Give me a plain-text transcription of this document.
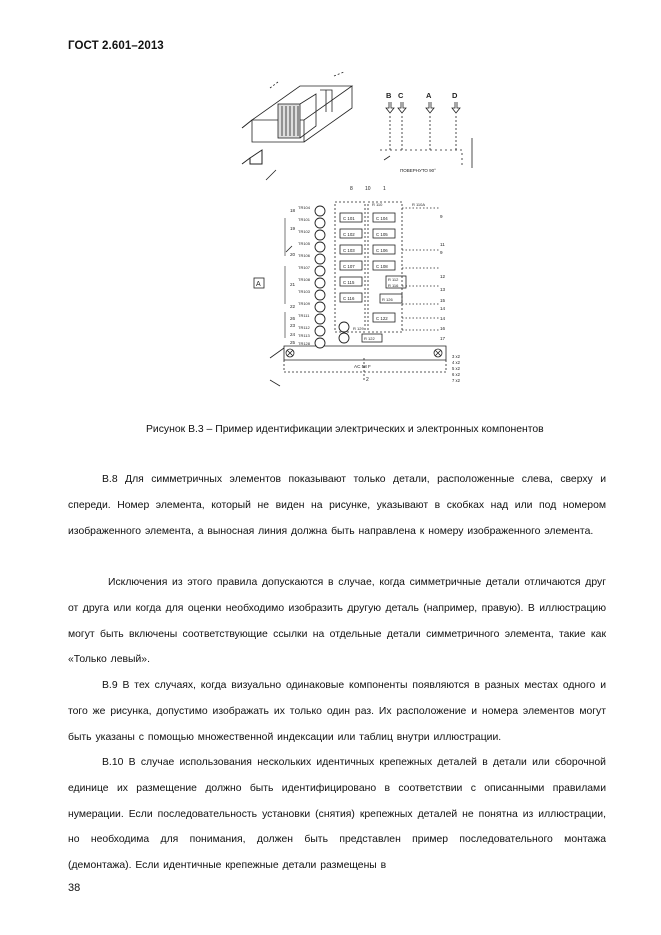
ГОСТ 2.601–2013
B C	A	D
ПОВЕРНУТО 90°
A
8 10 1
2
18
19
20
21
22
26
23
24
25
TR104
TR101
TR102
TR105
TR106
TR107
TR108
TR103
TR109
TR111
TR112
TR113
TR128
C 101
C 102
C 103
C 107
C 115
C 116
C 104
C 105
C 106
C 108
C 122
R 110	R 110A
R 112
R 116
R 126
R 129
R 122
9
11
9
12
13
15
14
14
16
17
AC 58 F
3 x2
4 x2
5 x2
6 x2
7 x2
Рисунок В.3 – Пример идентификации электрических и электронных компонентов

В.8 Для симметричных элементов показывают только детали, расположенные слева, сверху и спереди. Номер элемента, который не виден на рисунке, указывают в скобках над или под номером изображенного элемента, а выносная линия должна быть направлена к номеру изображенного элемента.

Исключения из этого правила допускаются в случае, когда симметричные детали отличаются друг от друга или когда для оценки необходимо изобразить другую деталь (например, правую). В иллюстрацию могут быть включены соответствующие ссылки на отдельные детали симметричного элемента, такие как «Только левый».

В.9 В тех случаях, когда визуально одинаковые компоненты появляются в разных местах одного и того же рисунка, допустимо изображать их только один раз. Их расположение и номера элементов могут быть указаны с помощью множественной индексации или таблиц внутри иллюстрации.

В.10 В случае использования нескольких идентичных крепежных деталей в детали или сборочной единице их размещение должно быть идентифицировано в соответствии с описанными правилами нумерации. Если последовательность установки (снятия) крепежных деталей не понятна из иллюстрации, но необходима для понимания, должен быть представлен пример последовательного монтажа (демонтажа). Если идентичные крепежные детали размещены в

38
